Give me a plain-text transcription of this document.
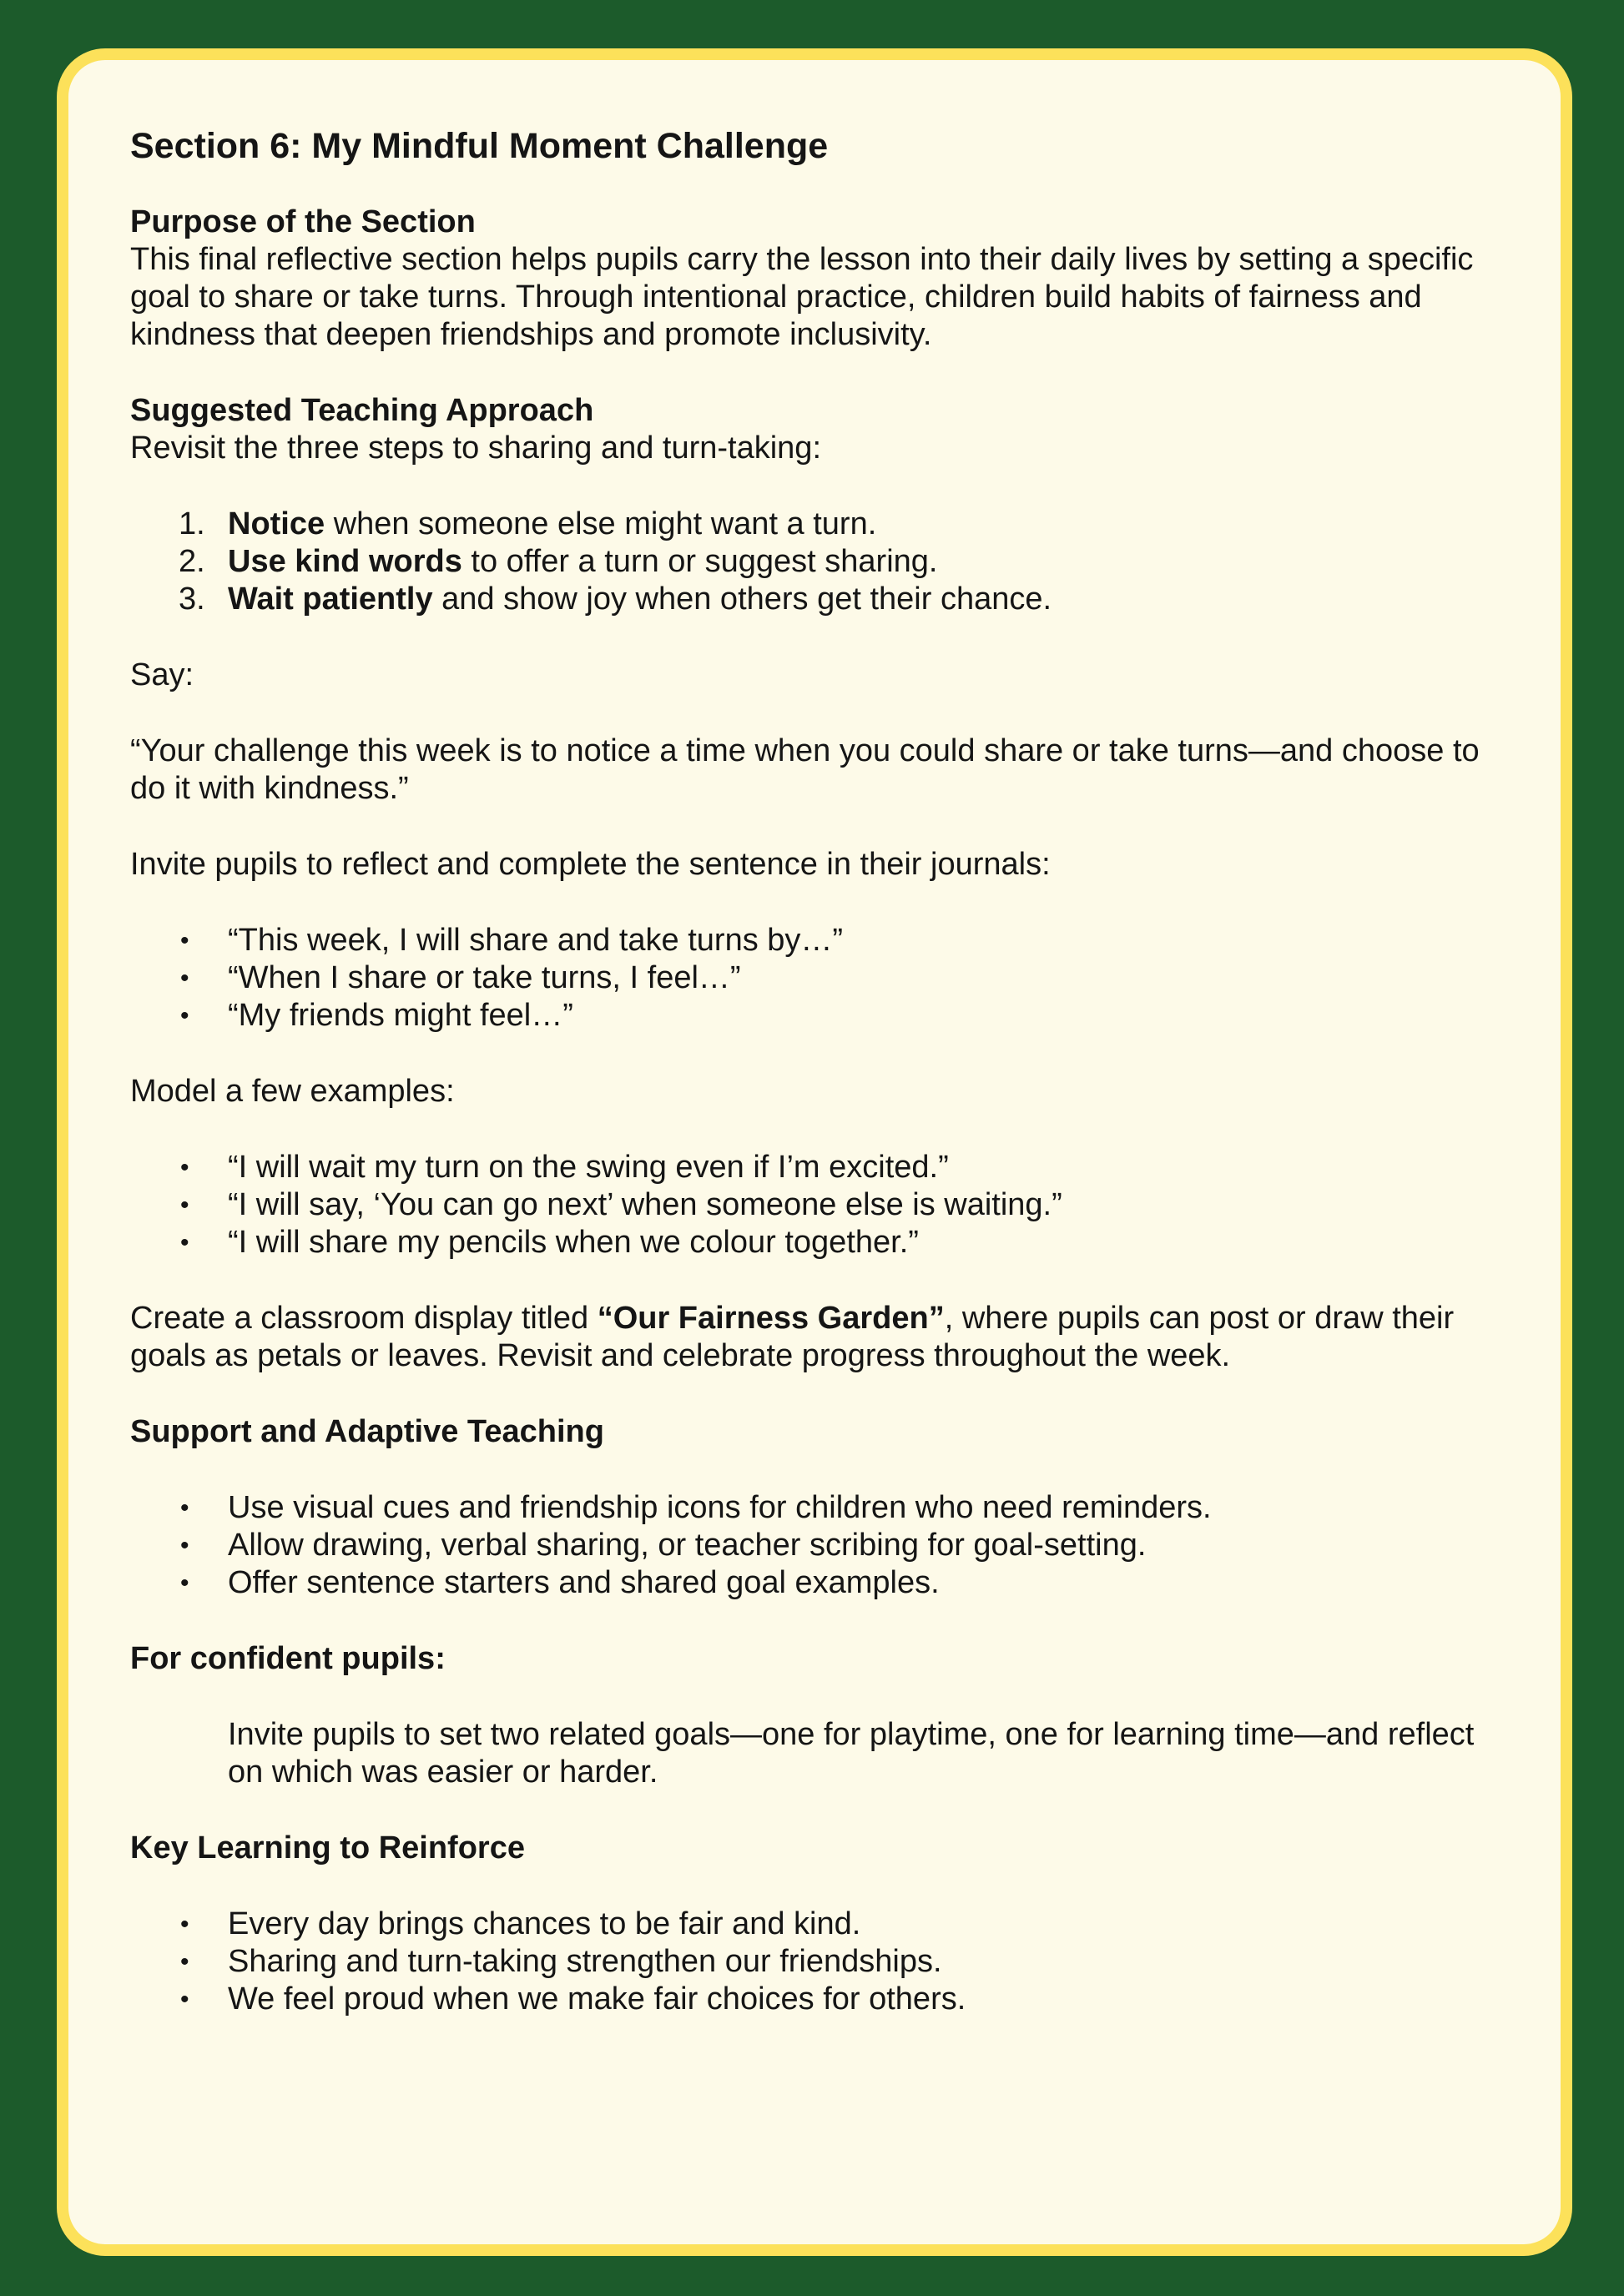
Section 6: My Mindful Moment Challenge
Purpose of the Section

This final reflective section helps pupils carry the lesson into their daily lives by setting a specific goal to share or take turns. Through intentional practice, children build habits of fairness and kindness that deepen friendships and promote inclusivity.

Suggested Teaching Approach

Revisit the three steps to sharing and turn-taking:

1. Notice when someone else might want a turn.
2. Use kind words to offer a turn or suggest sharing.
3. Wait patiently and show joy when others get their chance.

Say:

“Your challenge this week is to notice a time when you could share or take turns—and choose to do it with kindness.”

Invite pupils to reflect and complete the sentence in their journals:

• “This week, I will share and take turns by…”
• “When I share or take turns, I feel…”
• “My friends might feel…”

Model a few examples:

• “I will wait my turn on the swing even if I’m excited.”
• “I will say, ‘You can go next’ when someone else is waiting.”
• “I will share my pencils when we colour together.”

Create a classroom display titled “Our Fairness Garden”, where pupils can post or draw their goals as petals or leaves. Revisit and celebrate progress throughout the week.

Support and Adaptive Teaching
• Use visual cues and friendship icons for children who need reminders.
• Allow drawing, verbal sharing, or teacher scribing for goal-setting.
• Offer sentence starters and shared goal examples.
For confident pupils:

Invite pupils to set two related goals—one for playtime, one for learning time—and reflect on which was easier or harder.

Key Learning to Reinforce
• Every day brings chances to be fair and kind.
• Sharing and turn-taking strengthen our friendships.
• We feel proud when we make fair choices for others.
